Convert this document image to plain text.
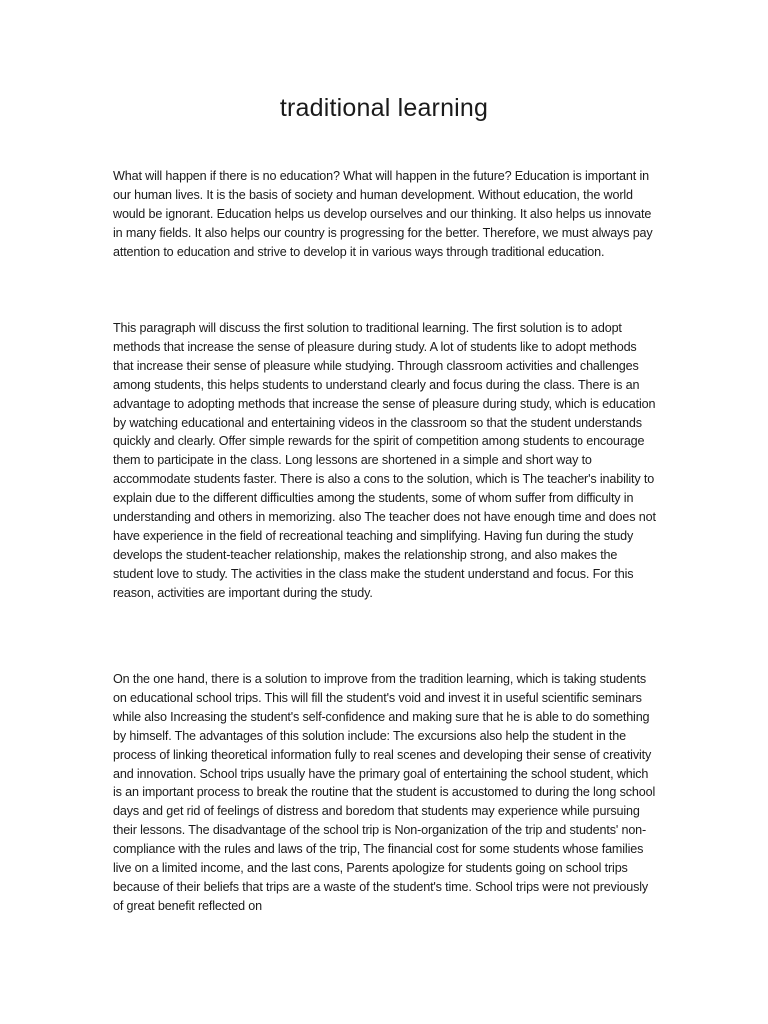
traditional learning

What will happen if there is no education? What will happen in the future? Education is important in our human lives. It is the basis of society and human development. Without education, the world would be ignorant. Education helps us develop ourselves and our thinking. It also helps us innovate in many fields. It also helps our country is progressing for the better. Therefore, we must always pay attention to education and strive to develop it in various ways through traditional education.

This paragraph will discuss the first solution to traditional learning. The first solution is to adopt methods that increase the sense of pleasure during study. A lot of students like to adopt methods that increase their sense of pleasure while studying. Through classroom activities and challenges among students, this helps students to understand clearly and focus during the class. There is an advantage to adopting methods that increase the sense of pleasure during study, which is education by watching educational and entertaining videos in the classroom so that the student understands quickly and clearly. Offer simple rewards for the spirit of competition among students to encourage them to participate in the class. Long lessons are shortened in a simple and short way to accommodate students faster. There is also a cons to the solution, which is The teacher's inability to explain due to the different difficulties among the students, some of whom suffer from difficulty in understanding and others in memorizing. also The teacher does not have enough time and does not have experience in the field of recreational teaching and simplifying. Having fun during the study develops the student-teacher relationship, makes the relationship strong, and also makes the student love to study. The activities in the class make the student understand and focus. For this reason, activities are important during the study.

On the one hand, there is a solution to improve from the tradition learning, which is taking students on educational school trips. This will fill the student's void and invest it in useful scientific seminars while also Increasing the student's self-confidence and making sure that he is able to do something by himself. The advantages of this solution include: The excursions also help the student in the process of linking theoretical information fully to real scenes and developing their sense of creativity and innovation. School trips usually have the primary goal of entertaining the school student, which is an important process to break the routine that the student is accustomed to during the long school days and get rid of feelings of distress and boredom that students may experience while pursuing their lessons. The disadvantage of the school trip is Non-organization of the trip and students' non-compliance with the rules and laws of the trip, The financial cost for some students whose families live on a limited income, and the last cons, Parents apologize for students going on school trips because of their beliefs that trips are a waste of the student's time. School trips were not previously of great benefit reflected on
